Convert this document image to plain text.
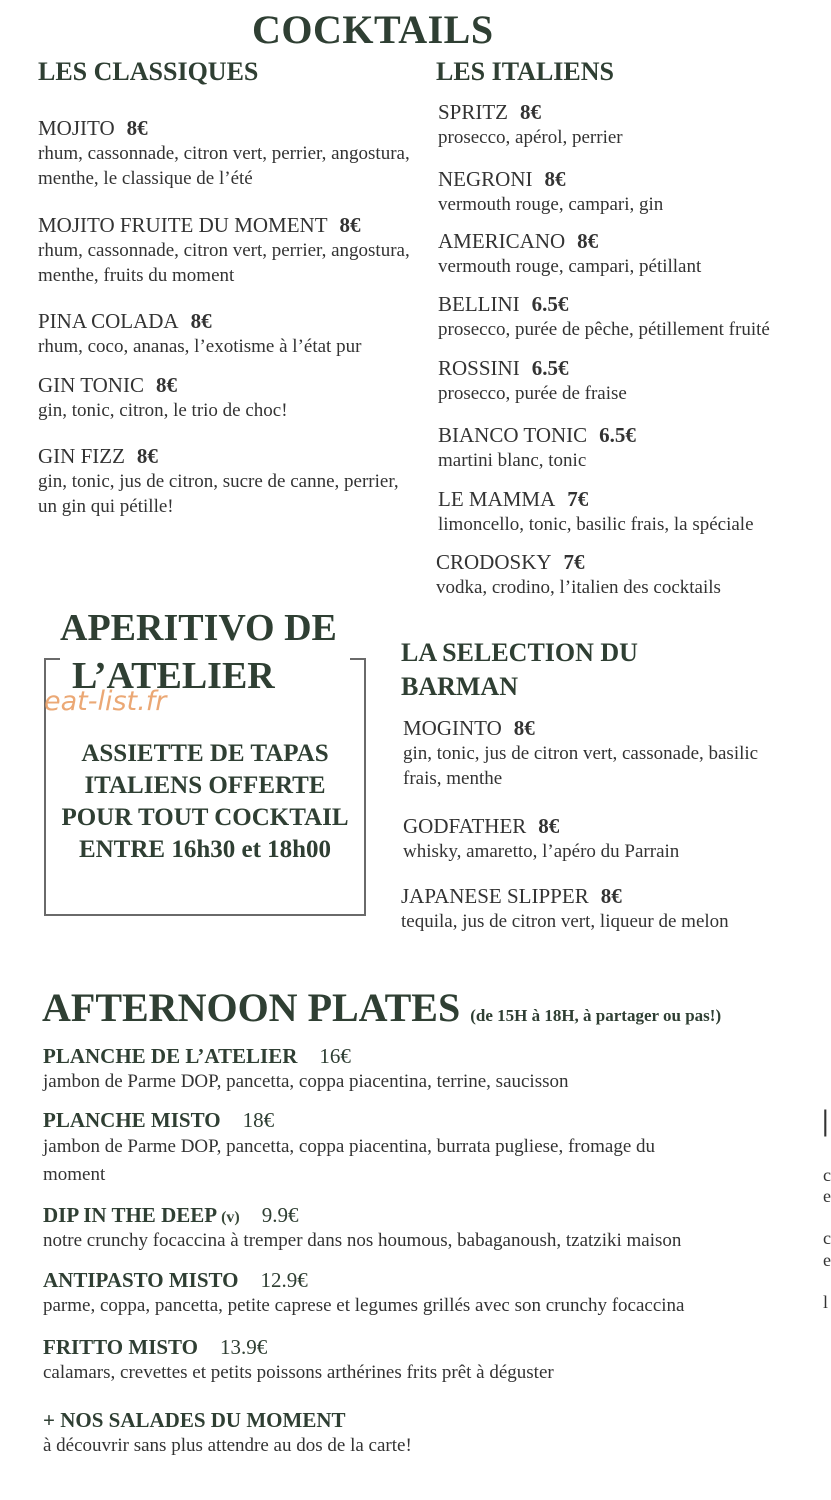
COCKTAILS
LES CLASSIQUES
MOJITO 8€
rhum, cassonnade, citron vert, perrier, angostura, menthe, le classique de l’été
MOJITO FRUITE DU MOMENT 8€
rhum, cassonnade, citron vert, perrier, angostura, menthe, fruits du moment
PINA COLADA 8€
rhum, coco, ananas, l’exotisme à l’état pur
GIN TONIC 8€
gin, tonic, citron, le trio de choc!
GIN FIZZ 8€
gin, tonic, jus de citron, sucre de canne, perrier, un gin qui pétille!
LES ITALIENS
SPRITZ 8€
prosecco, apérol, perrier
NEGRONI 8€
vermouth rouge, campari, gin
AMERICANO 8€
vermouth rouge, campari, pétillant
BELLINI 6.5€
prosecco, purée de pêche, pétillement fruité
ROSSINI 6.5€
prosecco, purée de fraise
BIANCO TONIC 6.5€
martini blanc, tonic
LE MAMMA 7€
limoncello, tonic, basilic frais, la spéciale
CRODOSKY 7€
vodka, crodino, l’italien des cocktails
APERITIVO DE
L’ATELIER
eat-list.fr
ASSIETTE DE TAPAS
ITALIENS OFFERTE
POUR TOUT COCKTAIL
ENTRE 16h30 et 18h00
LA SELECTION DU
BARMAN
MOGINTO 8€
gin, tonic, jus de citron vert, cassonade, basilic frais, menthe
GODFATHER 8€
whisky, amaretto, l’apéro du Parrain
JAPANESE SLIPPER 8€
tequila, jus de citron vert, liqueur de melon
AFTERNOON PLATES (de 15H à 18H, à partager ou pas!)
PLANCHE DE L’ATELIER 16€
jambon de Parme DOP, pancetta, coppa piacentina, terrine, saucisson
PLANCHE MISTO 18€
jambon de Parme DOP, pancetta, coppa piacentina, burrata pugliese, fromage du moment
DIP IN THE DEEP (v) 9.9€
notre crunchy focaccina à tremper dans nos houmous, babaganoush, tzatziki maison
ANTIPASTO MISTO 12.9€
parme, coppa, pancetta, petite caprese et legumes grillés avec son crunchy focaccina
FRITTO MISTO 13.9€
calamars, crevettes et petits poissons arthérines frits prêt à déguster
+ NOS SALADES DU MOMENT
à découvrir sans plus attendre au dos de la carte!
|
c
e
c
e
l
